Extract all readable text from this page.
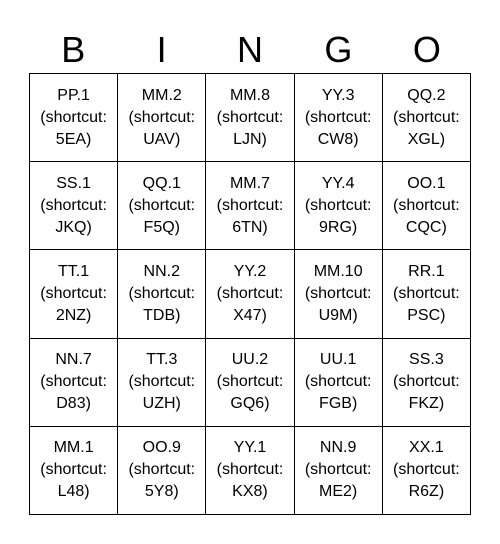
B	I	N	G	O
PP.1
(shortcut:
5EA)	MM.2
(shortcut:
UAV)	MM.8
(shortcut:
LJN)	YY.3
(shortcut:
CW8)	QQ.2
(shortcut:
XGL)

SS.1
(shortcut:
JKQ)	QQ.1
(shortcut:
F5Q)	MM.7
(shortcut:
6TN)	YY.4
(shortcut:
9RG)	OO.1
(shortcut:
CQC)

TT.1
(shortcut:
2NZ)	NN.2
(shortcut:
TDB)	YY.2
(shortcut:
X47)	MM.10
(shortcut:
U9M)	RR.1
(shortcut:
PSC)

NN.7
(shortcut:
D83)	TT.3
(shortcut:
UZH)	UU.2
(shortcut:
GQ6)	UU.1
(shortcut:
FGB)	SS.3
(shortcut:
FKZ)

MM.1
(shortcut:
L48)	OO.9
(shortcut:
5Y8)	YY.1
(shortcut:
KX8)	NN.9
(shortcut:
ME2)	XX.1
(shortcut:
R6Z)
